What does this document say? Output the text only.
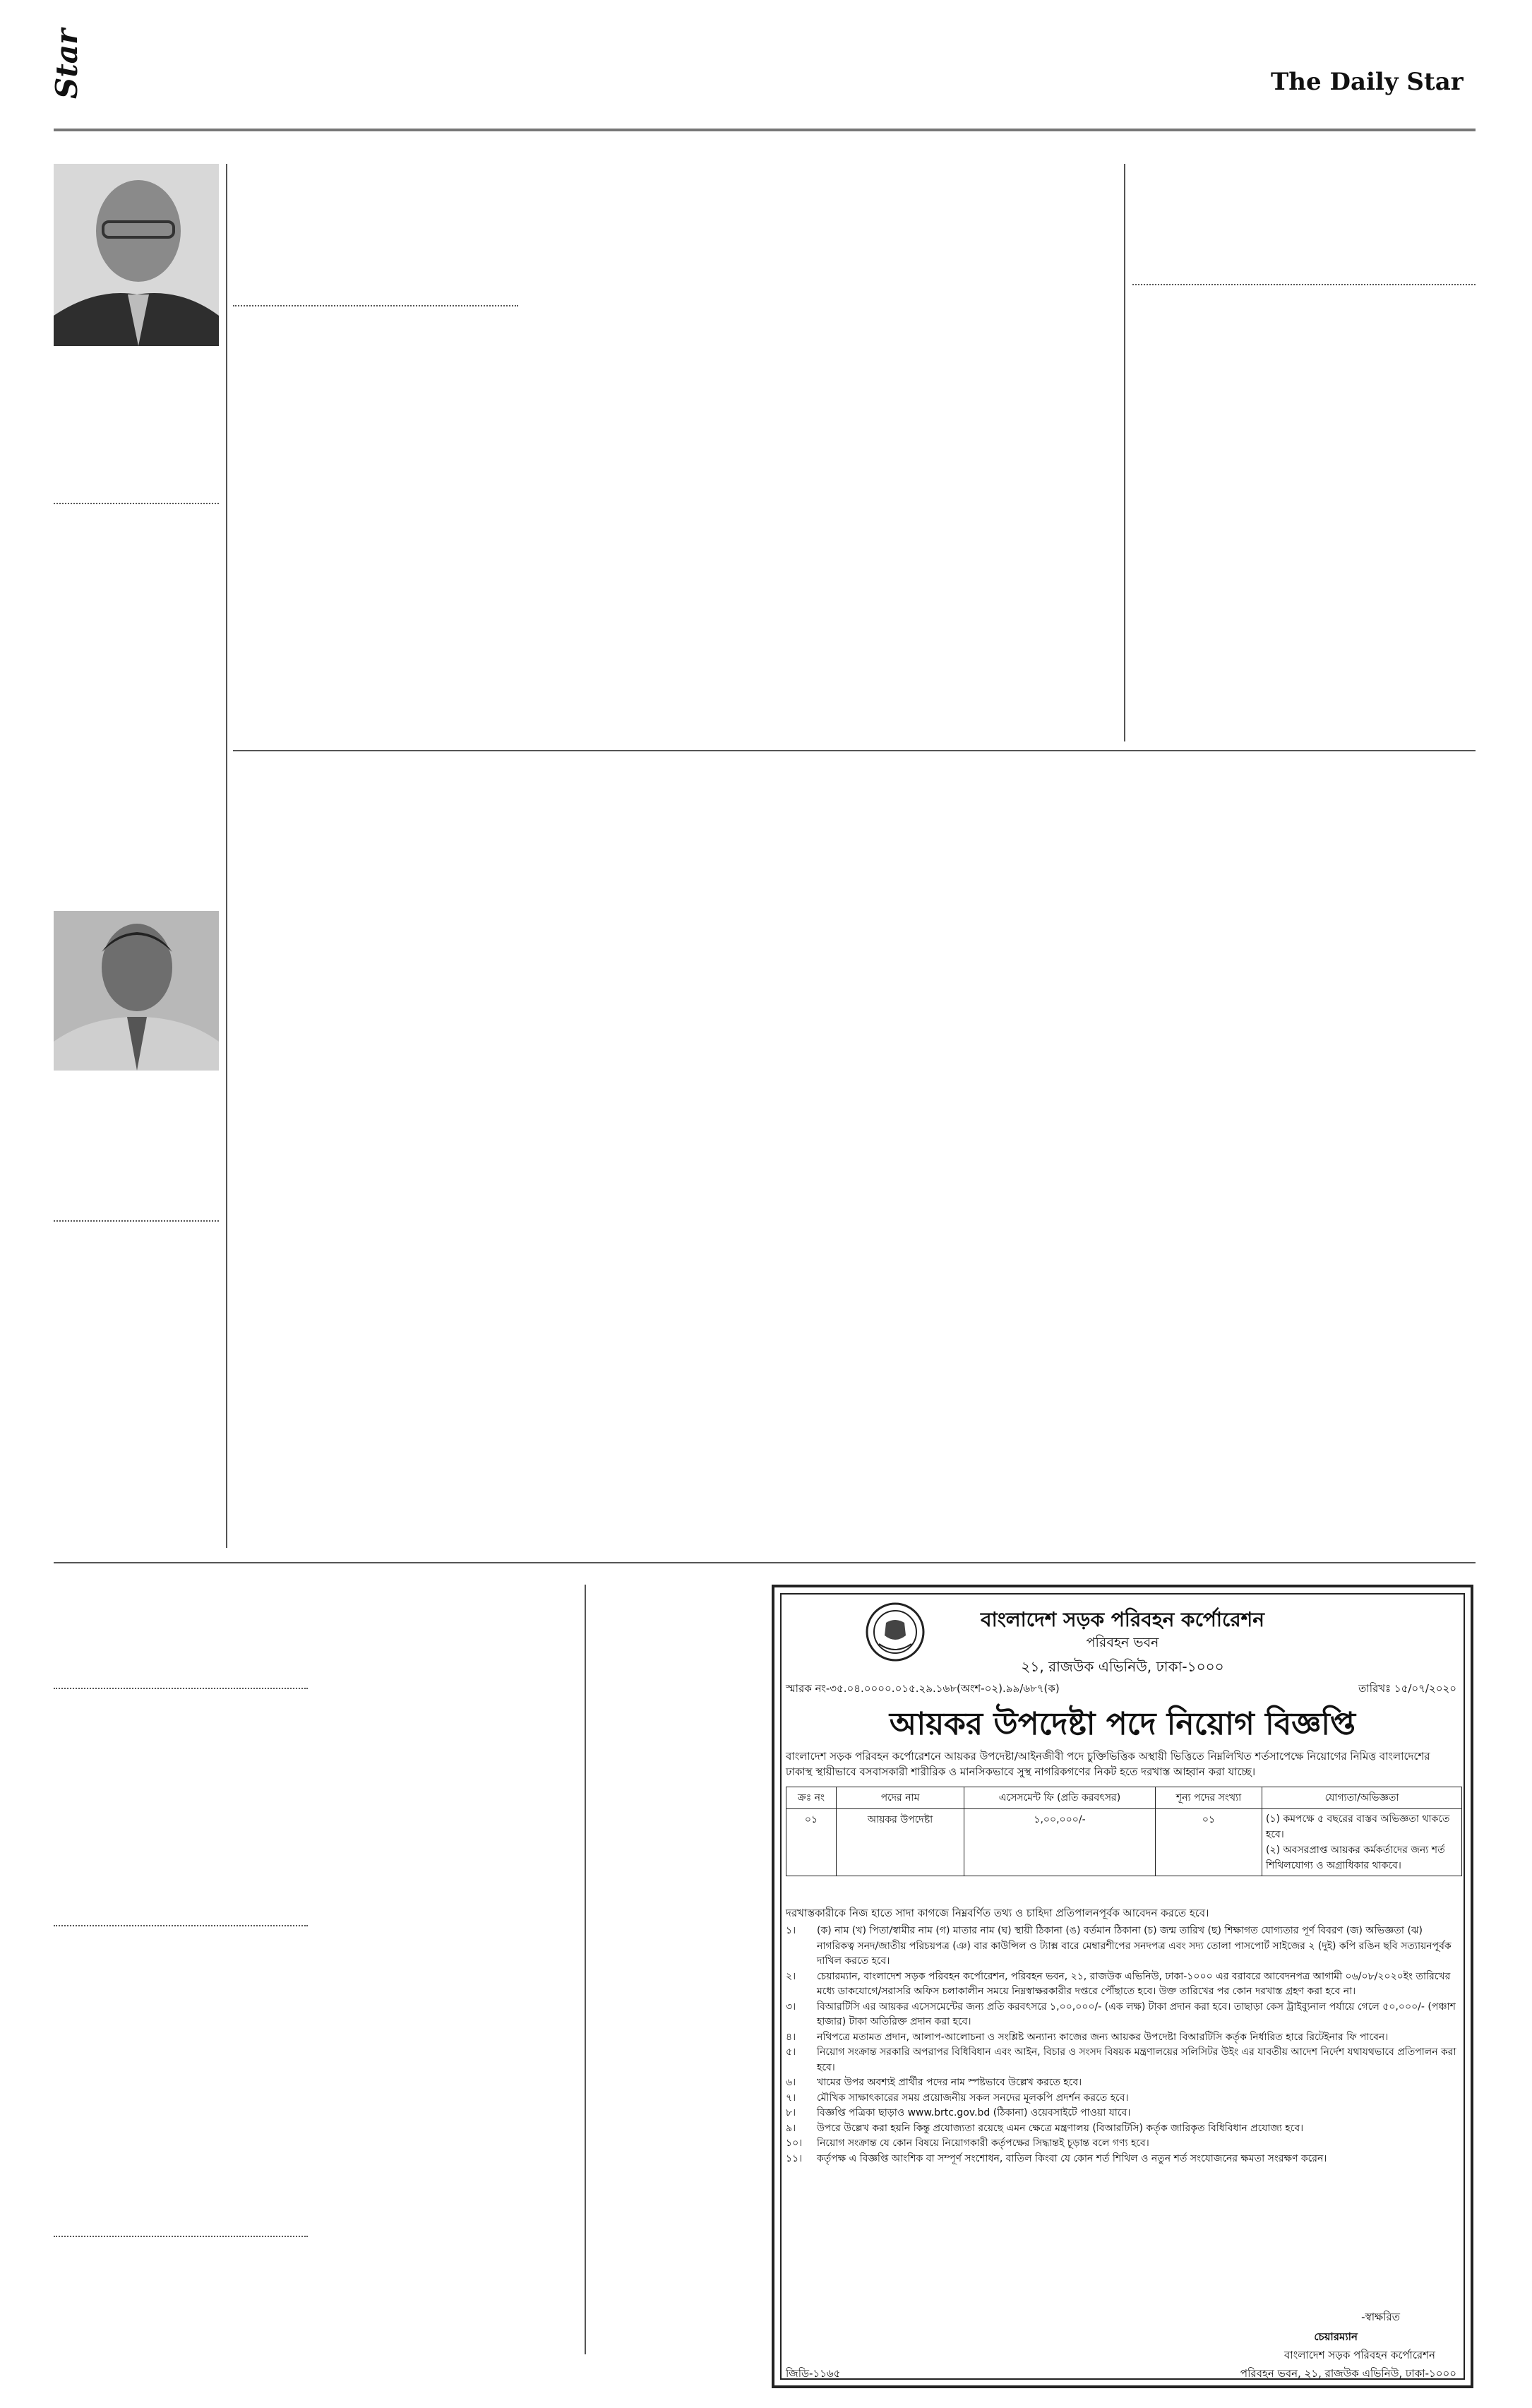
Star	The Daily Star
বাংলাদেশ সড়ক পরিবহন কর্পোরেশন
পরিবহন ভবন
২১, রাজউক এভিনিউ, ঢাকা-১০০০
স্মারক নং-৩৫.০৪.০০০০.০১৫.২৯.১৬৮(অংশ-০২).৯৯/৬৮৭(ক)	তারিখঃ ১৫/০৭/২০২০
আয়কর উপদেষ্টা পদে নিয়োগ বিজ্ঞপ্তি
বাংলাদেশ সড়ক পরিবহন কর্পোরেশনে আয়কর উপদেষ্টা/আইনজীবী পদে চুক্তিভিত্তিক অস্থায়ী ভিত্তিতে নিম্নলিখিত শর্তসাপেক্ষে নিয়োগের নিমিত্ত বাংলাদেশের ঢাকাস্থ স্থায়ীভাবে বসবাসকারী শারীরিক ও মানসিকভাবে সুস্থ নাগরিকগণের নিকট হতে দরখাস্ত আহ্বান করা যাচ্ছে।
ক্রঃ নং	পদের নাম	এসেসমেন্ট ফি (প্রতি করবৎসর)	শূন্য পদের সংখ্যা	যোগ্যতা/অভিজ্ঞতা
০১	আয়কর উপদেষ্টা	১,০০,০০০/-	০১	(১) কমপক্ষে ৫ বছরের বাস্তব অভিজ্ঞতা থাকতে হবে।
(২) অবসরপ্রাপ্ত আয়কর কর্মকর্তাদের জন্য শর্ত শিথিলযোগ্য ও অগ্রাধিকার থাকবে।
দরখাস্তকারীকে নিজ হাতে সাদা কাগজে নিম্নবর্ণিত তথ্য ও চাহিদা প্রতিপালনপূর্বক আবেদন করতে হবে।
১। (ক) নাম (খ) পিতা/স্বামীর নাম (গ) মাতার নাম (ঘ) স্থায়ী ঠিকানা (ঙ) বর্তমান ঠিকানা (চ) জন্ম তারিখ (ছ) শিক্ষাগত যোগ্যতার পূর্ণ বিবরণ (জ) অভিজ্ঞতা (ঝ) নাগরিকত্ব সনদ/জাতীয় পরিচয়পত্র (ঞ) বার কাউন্সিল ও ট্যাক্স বারে মেম্বারশীপের সনদপত্র এবং সদ্য তোলা পাসপোর্ট সাইজের ২ (দুই) কপি রঙিন ছবি সত্যায়নপূর্বক দাখিল করতে হবে।
২। চেয়ারম্যান, বাংলাদেশ সড়ক পরিবহন কর্পোরেশন, পরিবহন ভবন, ২১, রাজউক এভিনিউ, ঢাকা-১০০০ এর বরাবরে আবেদনপত্র আগামী ০৬/০৮/২০২০ইং তারিখের মধ্যে ডাকযোগে/সরাসরি অফিস চলাকালীন সময়ে নিম্নস্বাক্ষরকারীর দপ্তরে পৌঁছাতে হবে। উক্ত তারিখের পর কোন দরখাস্ত গ্রহণ করা হবে না।
৩। বিআরটিসি এর আয়কর এসেসমেন্টের জন্য প্রতি করবৎসরে ১,০০,০০০/- (এক লক্ষ) টাকা প্রদান করা হবে। তাছাড়া কেস ট্রাইব্যুনাল পর্যায়ে গেলে ৫০,০০০/- (পঞ্চাশ হাজার) টাকা অতিরিক্ত প্রদান করা হবে।
৪। নথিপত্রে মতামত প্রদান, আলাপ-আলোচনা ও সংশ্লিষ্ট অন্যান্য কাজের জন্য আয়কর উপদেষ্টা বিআরটিসি কর্তৃক নির্ধারিত হারে রিটেইনার ফি পাবেন।
৫। নিয়োগ সংক্রান্ত সরকারি অপরাপর বিধিবিধান এবং আইন, বিচার ও সংসদ বিষয়ক মন্ত্রণালয়ের সলিসিটর উইং এর যাবতীয় আদেশ নির্দেশ যথাযথভাবে প্রতিপালন করা হবে।
৬। খামের উপর অবশ্যই প্রার্থীর পদের নাম স্পষ্টভাবে উল্লেখ করতে হবে।
৭। মৌখিক সাক্ষাৎকারের সময় প্রয়োজনীয় সকল সনদের মূলকপি প্রদর্শন করতে হবে।
৮। বিজ্ঞপ্তি পত্রিকা ছাড়াও www.brtc.gov.bd (ঠিকানা) ওয়েবসাইটে পাওয়া যাবে।
৯। উপরে উল্লেখ করা হয়নি কিন্তু প্রযোজ্যতা রয়েছে এমন ক্ষেত্রে মন্ত্রণালয় (বিআরটিসি) কর্তৃক জারিকৃত বিধিবিধান প্রযোজ্য হবে।
১০। নিয়োগ সংক্রান্ত যে কোন বিষয়ে নিয়োগকারী কর্তৃপক্ষের সিদ্ধান্তই চূড়ান্ত বলে গণ্য হবে।
১১। কর্তৃপক্ষ এ বিজ্ঞপ্তি আংশিক বা সম্পূর্ণ সংশোধন, বাতিল কিংবা যে কোন শর্ত শিথিল ও নতুন শর্ত সংযোজনের ক্ষমতা সংরক্ষণ করেন।
-স্বাক্ষরিত
চেয়ারম্যান
বাংলাদেশ সড়ক পরিবহন কর্পোরেশন
পরিবহন ভবন, ২১, রাজউক এভিনিউ, ঢাকা-১০০০
জিডি-১১৬৫
